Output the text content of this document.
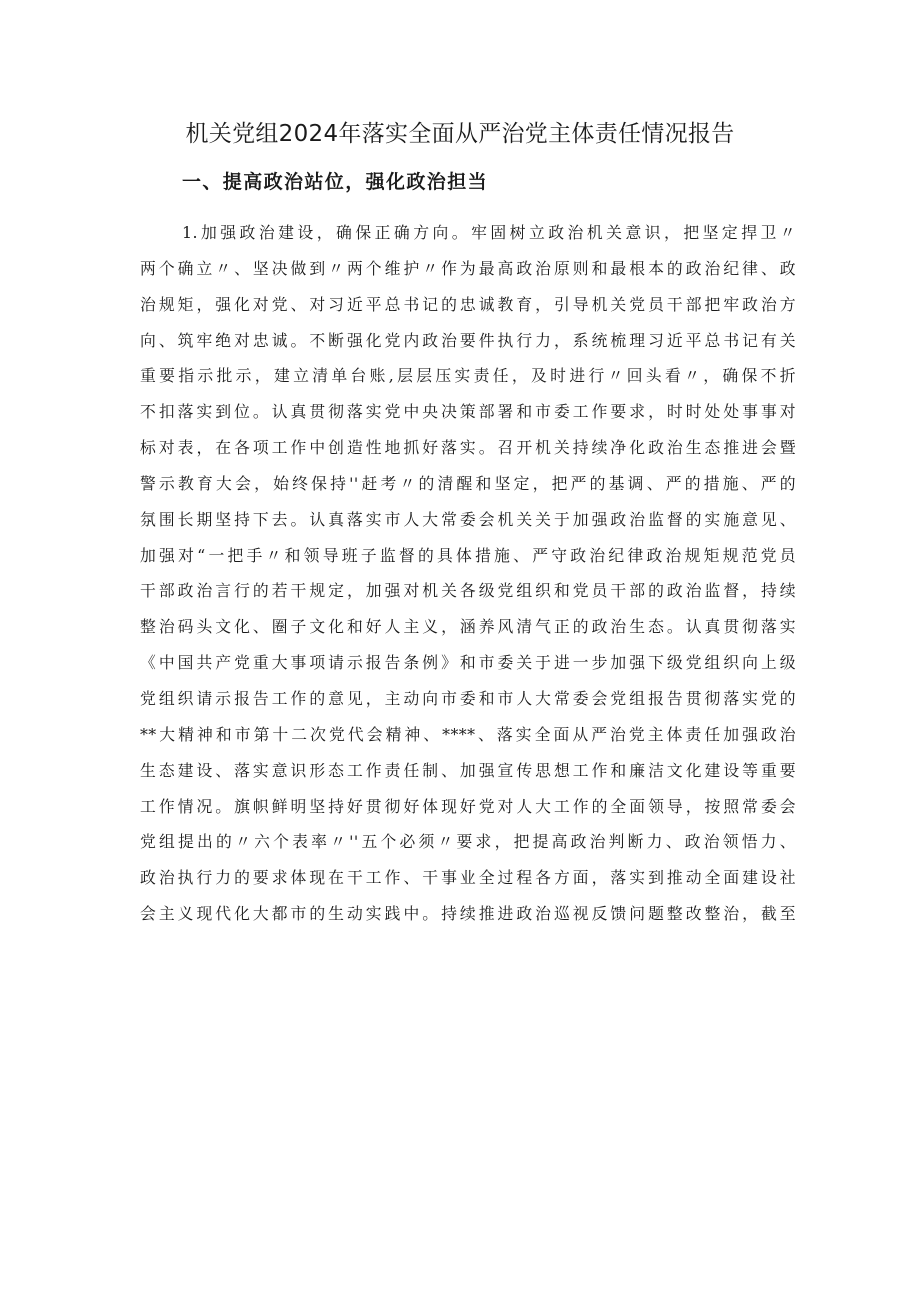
机关党组2024年落实全面从严治党主体责任情况报告
一、提高政治站位，强化政治担当
1.加强政治建设，确保正确方向。牢固树立政治机关意识，把坚定捍卫〃
两个确立〃、坚决做到〃两个维护〃作为最高政治原则和最根本的政治纪律、政
治规矩，强化对党、对习近平总书记的忠诚教育，引导机关党员干部把牢政治方
向、筑牢绝对忠诚。不断强化党内政治要件执行力，系统梳理习近平总书记有关
重要指示批示，建立清单台账,层层压实责任，及时进行〃回头看〃，确保不折
不扣落实到位。认真贯彻落实党中央决策部署和市委工作要求，时时处处事事对
标对表，在各项工作中创造性地抓好落实。召开机关持续净化政治生态推进会暨
警示教育大会，始终保持''赶考〃的清醒和坚定，把严的基调、严的措施、严的
氛围长期坚持下去。认真落实市人大常委会机关关于加强政治监督的实施意见、
加强对“一把手〃和领导班子监督的具体措施、严守政治纪律政治规矩规范党员
干部政治言行的若干规定，加强对机关各级党组织和党员干部的政治监督，持续
整治码头文化、圈子文化和好人主义，涵养风清气正的政治生态。认真贯彻落实
《中国共产党重大事项请示报告条例》和市委关于进一步加强下级党组织向上级
党组织请示报告工作的意见，主动向市委和市人大常委会党组报告贯彻落实党的
**大精神和市第十二次党代会精神、****、落实全面从严治党主体责任加强政治
生态建设、落实意识形态工作责任制、加强宣传思想工作和廉洁文化建设等重要
工作情况。旗帜鲜明坚持好贯彻好体现好党对人大工作的全面领导，按照常委会
党组提出的〃六个表率〃''五个必须〃要求，把提高政治判断力、政治领悟力、
政治执行力的要求体现在干工作、干事业全过程各方面，落实到推动全面建设社
会主义现代化大都市的生动实践中。持续推进政治巡视反馈问题整改整治，截至
